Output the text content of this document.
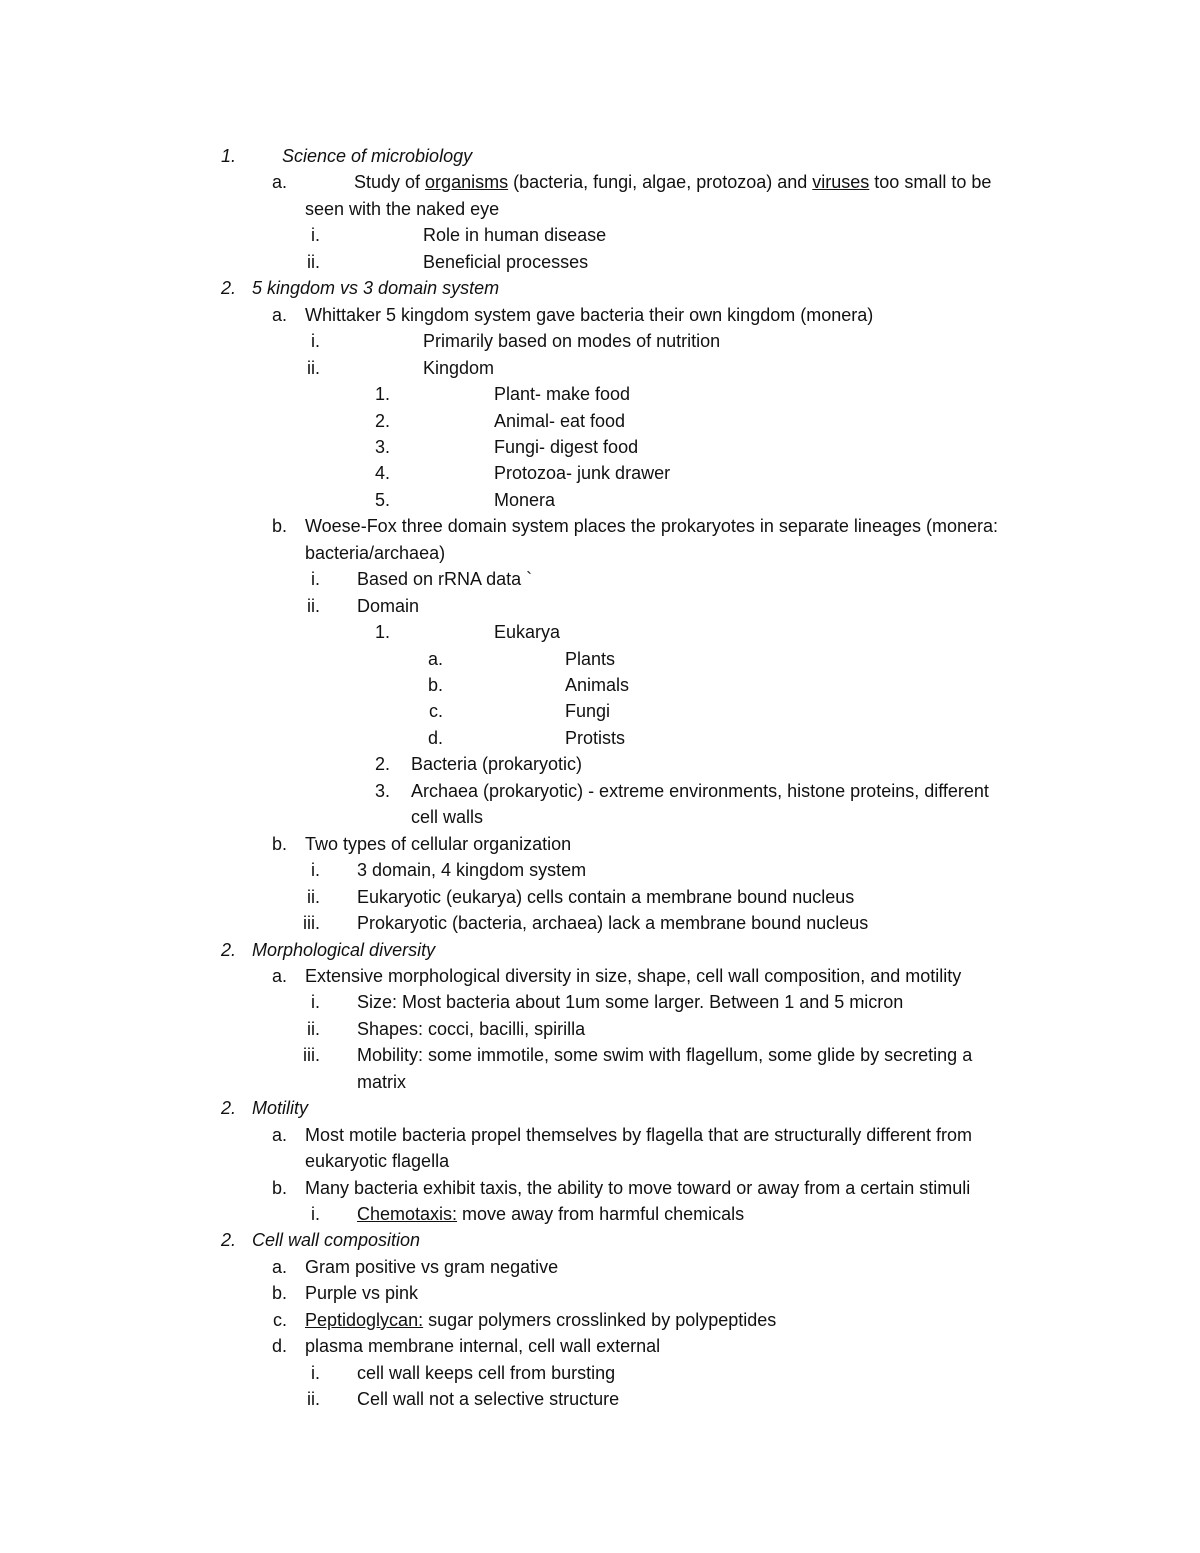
1.	Science of microbiology
a.	Study of organisms (bacteria, fungi, algae, protozoa) and viruses too small to be
seen with the naked eye
i.	Role in human disease
ii.	Beneficial processes
2. 5 kingdom vs 3 domain system
a. Whittaker 5 kingdom system gave bacteria their own kingdom (monera)
i.	Primarily based on modes of nutrition
ii.	Kingdom
1.	Plant- make food
2.	Animal- eat food
3.	Fungi- digest food
4.	Protozoa- junk drawer
5.	Monera
b. Woese-Fox three domain system places the prokaryotes in separate lineages (monera:
bacteria/archaea)
i. Based on rRNA data `
ii. Domain
1.	Eukarya
a.	Plants
b.	Animals
c.	Fungi
d.	Protists
2. Bacteria (prokaryotic)
3. Archaea (prokaryotic) - extreme environments, histone proteins, different
cell walls
b. Two types of cellular organization
i. 3 domain, 4 kingdom system
ii. Eukaryotic (eukarya) cells contain a membrane bound nucleus
iii. Prokaryotic (bacteria, archaea) lack a membrane bound nucleus
2. Morphological diversity
a. Extensive morphological diversity in size, shape, cell wall composition, and motility
i. Size: Most bacteria about 1um some larger. Between 1 and 5 micron
ii. Shapes: cocci, bacilli, spirilla
iii. Mobility: some immotile, some swim with flagellum, some glide by secreting a
matrix
2. Motility
a. Most motile bacteria propel themselves by flagella that are structurally different from
eukaryotic flagella
b. Many bacteria exhibit taxis, the ability to move toward or away from a certain stimuli
i. Chemotaxis: move away from harmful chemicals
2. Cell wall composition
a. Gram positive vs gram negative
b. Purple vs pink
c. Peptidoglycan: sugar polymers crosslinked by polypeptides
d. plasma membrane internal, cell wall external
i. cell wall keeps cell from bursting
ii. Cell wall not a selective structure
